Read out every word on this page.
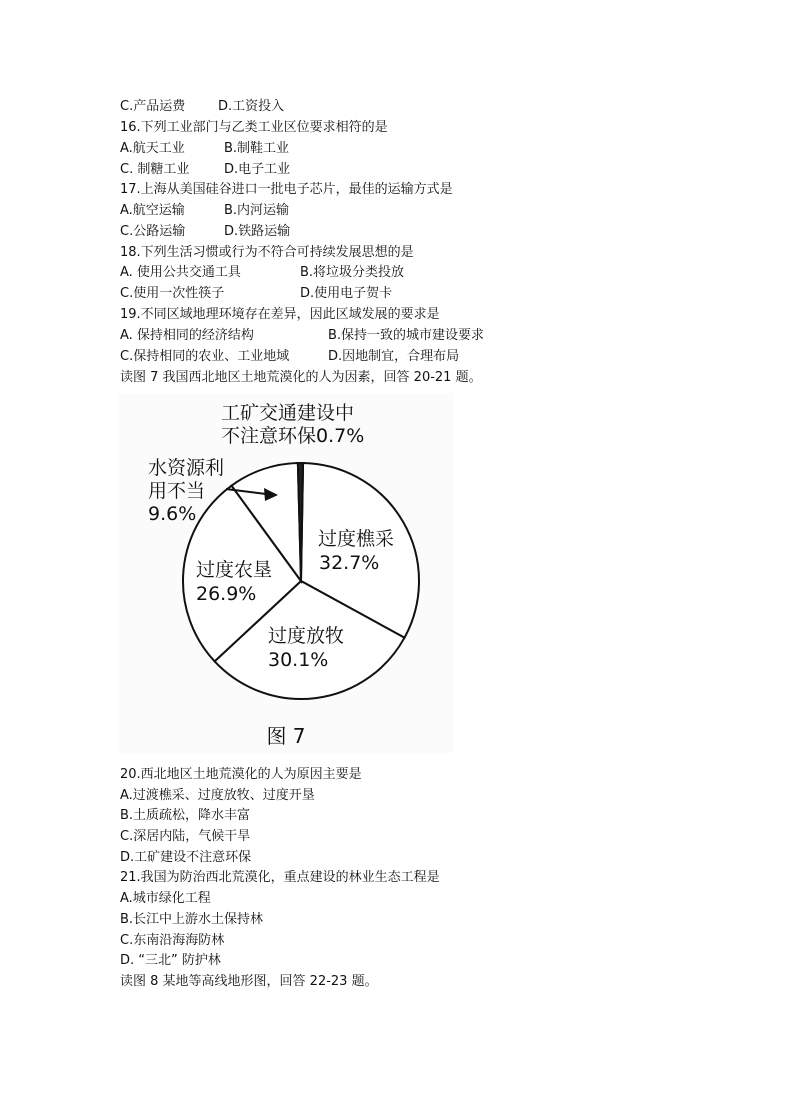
C.产品运费	D.工资投入
16.下列工业部门与乙类工业区位要求相符的是
A.航天工业	B.制鞋工业
C. 制糖工业	D.电子工业
17.上海从美国硅谷进口一批电子芯片，最佳的运输方式是
A.航空运输	B.内河运输
C.公路运输	D.铁路运输
18.下列生活习惯或行为不符合可持续发展思想的是
A. 使用公共交通工具	B.将垃圾分类投放
C.使用一次性筷子	D.使用电子贺卡
19.不同区域地理环境存在差异，因此区域发展的要求是
A. 保持相同的经济结构	B.保持一致的城市建设要求
C.保持相同的农业、工业地域	D.因地制宜，合理布局
读图 7 我国西北地区土地荒漠化的人为因素，回答 20-21 题。
过度樵采
32.7%
过度放牧
30.1%
过度农垦
26.9%
水资源利
用不当
9.6%
工矿交通建设中
不注意环保0.7%
图 7
20.西北地区土地荒漠化的人为原因主要是
A.过渡樵采、过度放牧、过度开垦
B.土质疏松，降水丰富
C.深居内陆，气候干旱
D.工矿建设不注意环保
21.我国为防治西北荒漠化，重点建设的林业生态工程是
A.城市绿化工程
B.长江中上游水土保持林
C.东南沿海海防林
D. “三北” 防护林
读图 8 某地等高线地形图，回答 22-23 题。
